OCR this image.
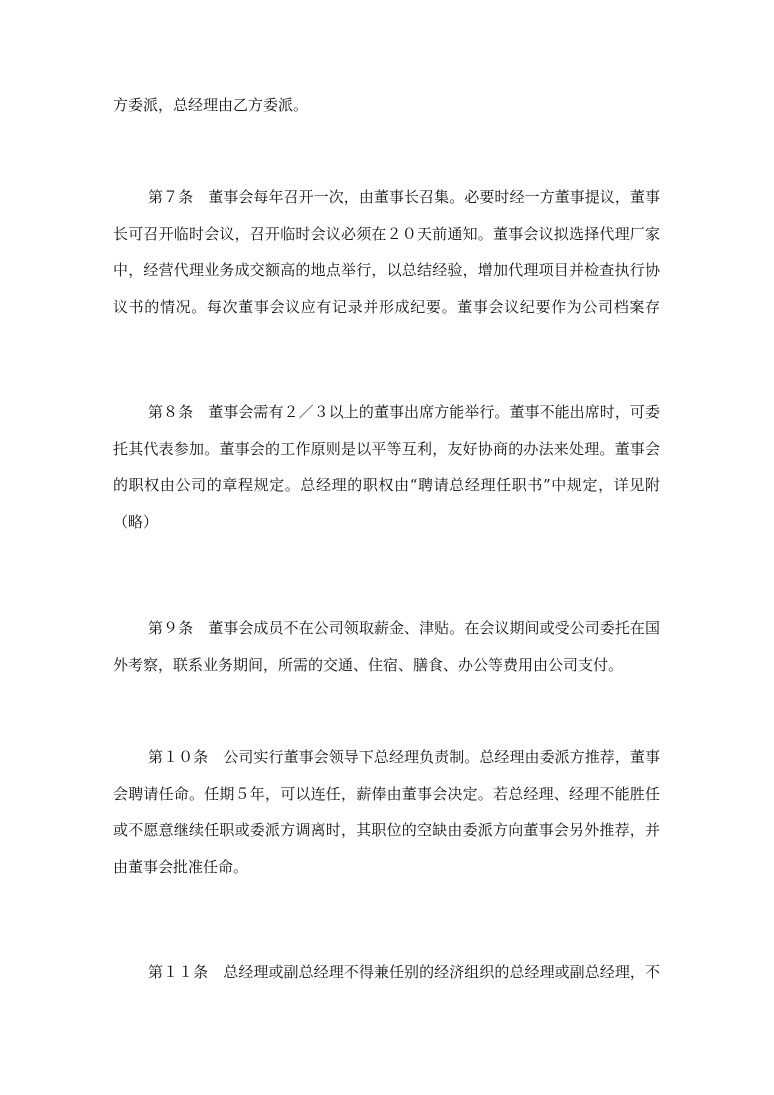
方委派，总经理由乙方委派。
第７条　董事会每年召开一次，由董事长召集。必要时经一方董事提议，董事
长可召开临时会议，召开临时会议必须在２０天前通知。董事会议拟选择代理厂家
中，经营代理业务成交额高的地点举行，以总结经验，增加代理项目并检查执行协
议书的情况。每次董事会议应有记录并形成纪要。董事会议纪要作为公司档案存
第８条　董事会需有２／３以上的董事出席方能举行。董事不能出席时，可委
托其代表参加。董事会的工作原则是以平等互利，友好协商的办法来处理。董事会
的职权由公司的章程规定。总经理的职权由“聘请总经理任职书”中规定，详见附
（略）
第９条　董事会成员不在公司领取薪金、津贴。在会议期间或受公司委托在国
外考察，联系业务期间，所需的交通、住宿、膳食、办公等费用由公司支付。
第１０条　公司实行董事会领导下总经理负责制。总经理由委派方推荐，董事
会聘请任命。任期５年，可以连任，薪俸由董事会决定。若总经理、经理不能胜任
或不愿意继续任职或委派方调离时，其职位的空缺由委派方向董事会另外推荐，并
由董事会批准任命。
第１１条　总经理或副总经理不得兼任别的经济组织的总经理或副总经理，不
